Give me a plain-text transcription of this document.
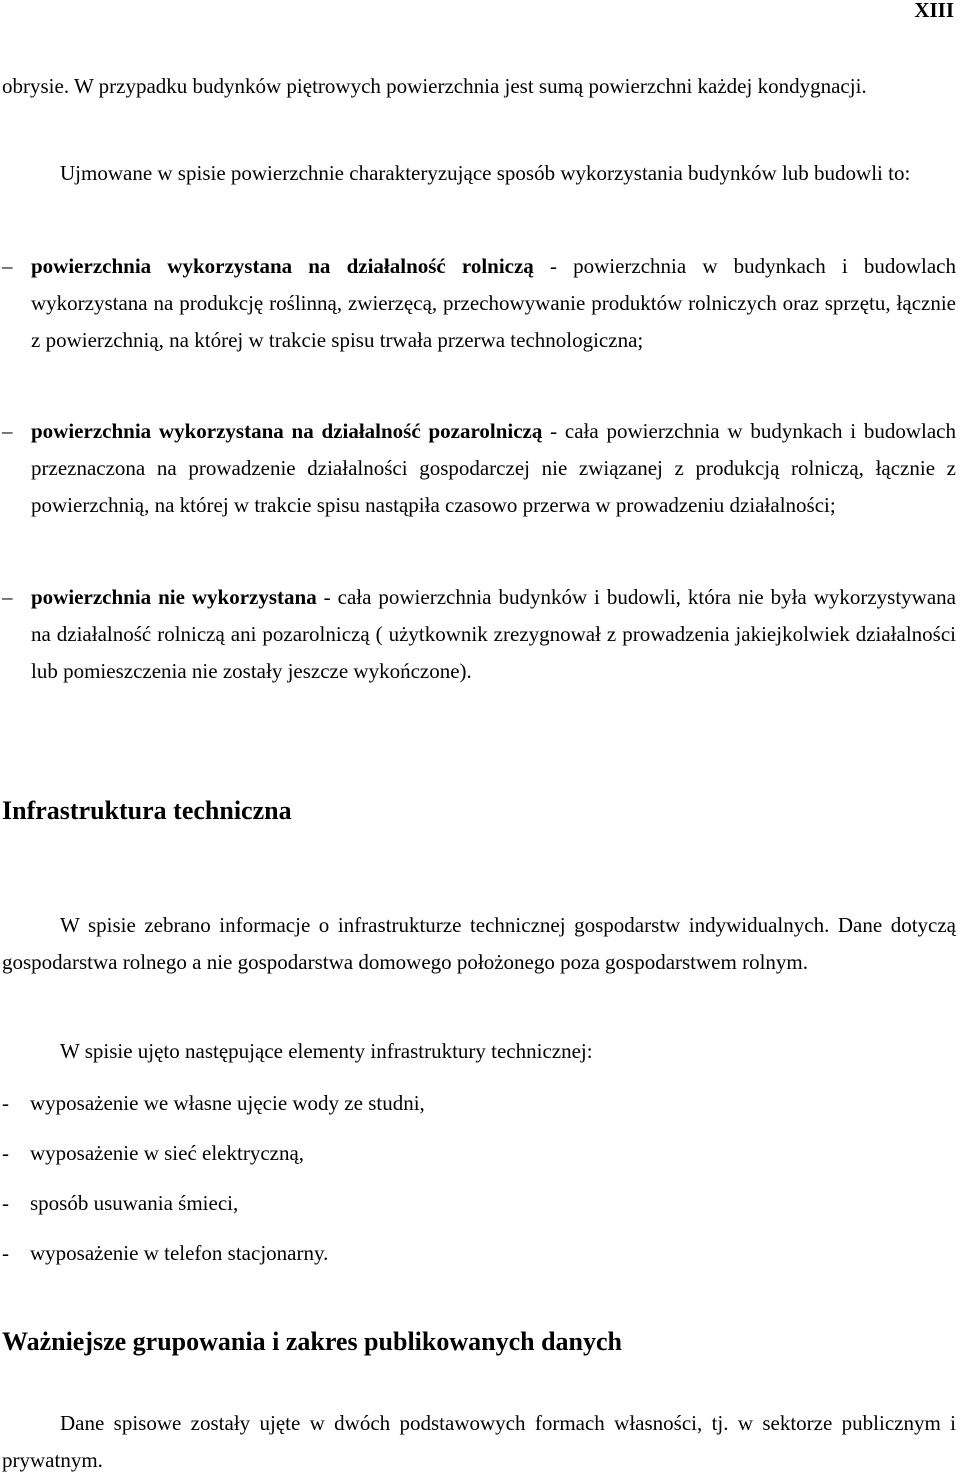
XIII

obrysie. W przypadku budynków piętrowych powierzchnia jest sumą powierzchni każdej kondygnacji.

Ujmowane w spisie powierzchnie charakteryzujące sposób wykorzystania budynków lub budowli to:

– powierzchnia wykorzystana na działalność rolniczą - powierzchnia w budynkach i budowlach wykorzystana na produkcję roślinną, zwierzęcą, przechowywanie produktów rolniczych oraz sprzętu, łącznie z powierzchnią, na której w trakcie spisu trwała przerwa technologiczna;
– powierzchnia wykorzystana na działalność pozarolniczą - cała powierzchnia w budynkach i budowlach przeznaczona na prowadzenie działalności gospodarczej nie związanej z produkcją rolniczą, łącznie z powierzchnią, na której w trakcie spisu nastąpiła czasowo przerwa w prowadzeniu działalności;
– powierzchnia nie wykorzystana - cała powierzchnia budynków i budowli, która nie była wykorzystywana na działalność rolniczą ani pozarolniczą ( użytkownik zrezygnował z prowadzenia jakiejkolwiek działalności lub pomieszczenia nie zostały jeszcze wykończone).
Infrastruktura techniczna

W spisie zebrano informacje o infrastrukturze technicznej gospodarstw indywidualnych. Dane dotyczą gospodarstwa rolnego a nie gospodarstwa domowego położonego poza gospodarstwem rolnym.

W spisie ujęto następujące elementy infrastruktury technicznej:

- wyposażenie we własne ujęcie wody ze studni,
- wyposażenie w sieć elektryczną,
- sposób usuwania śmieci,
- wyposażenie w telefon stacjonarny.
Ważniejsze grupowania i zakres publikowanych danych

Dane spisowe zostały ujęte w dwóch podstawowych formach własności, tj. w sektorze publicznym i prywatnym.
